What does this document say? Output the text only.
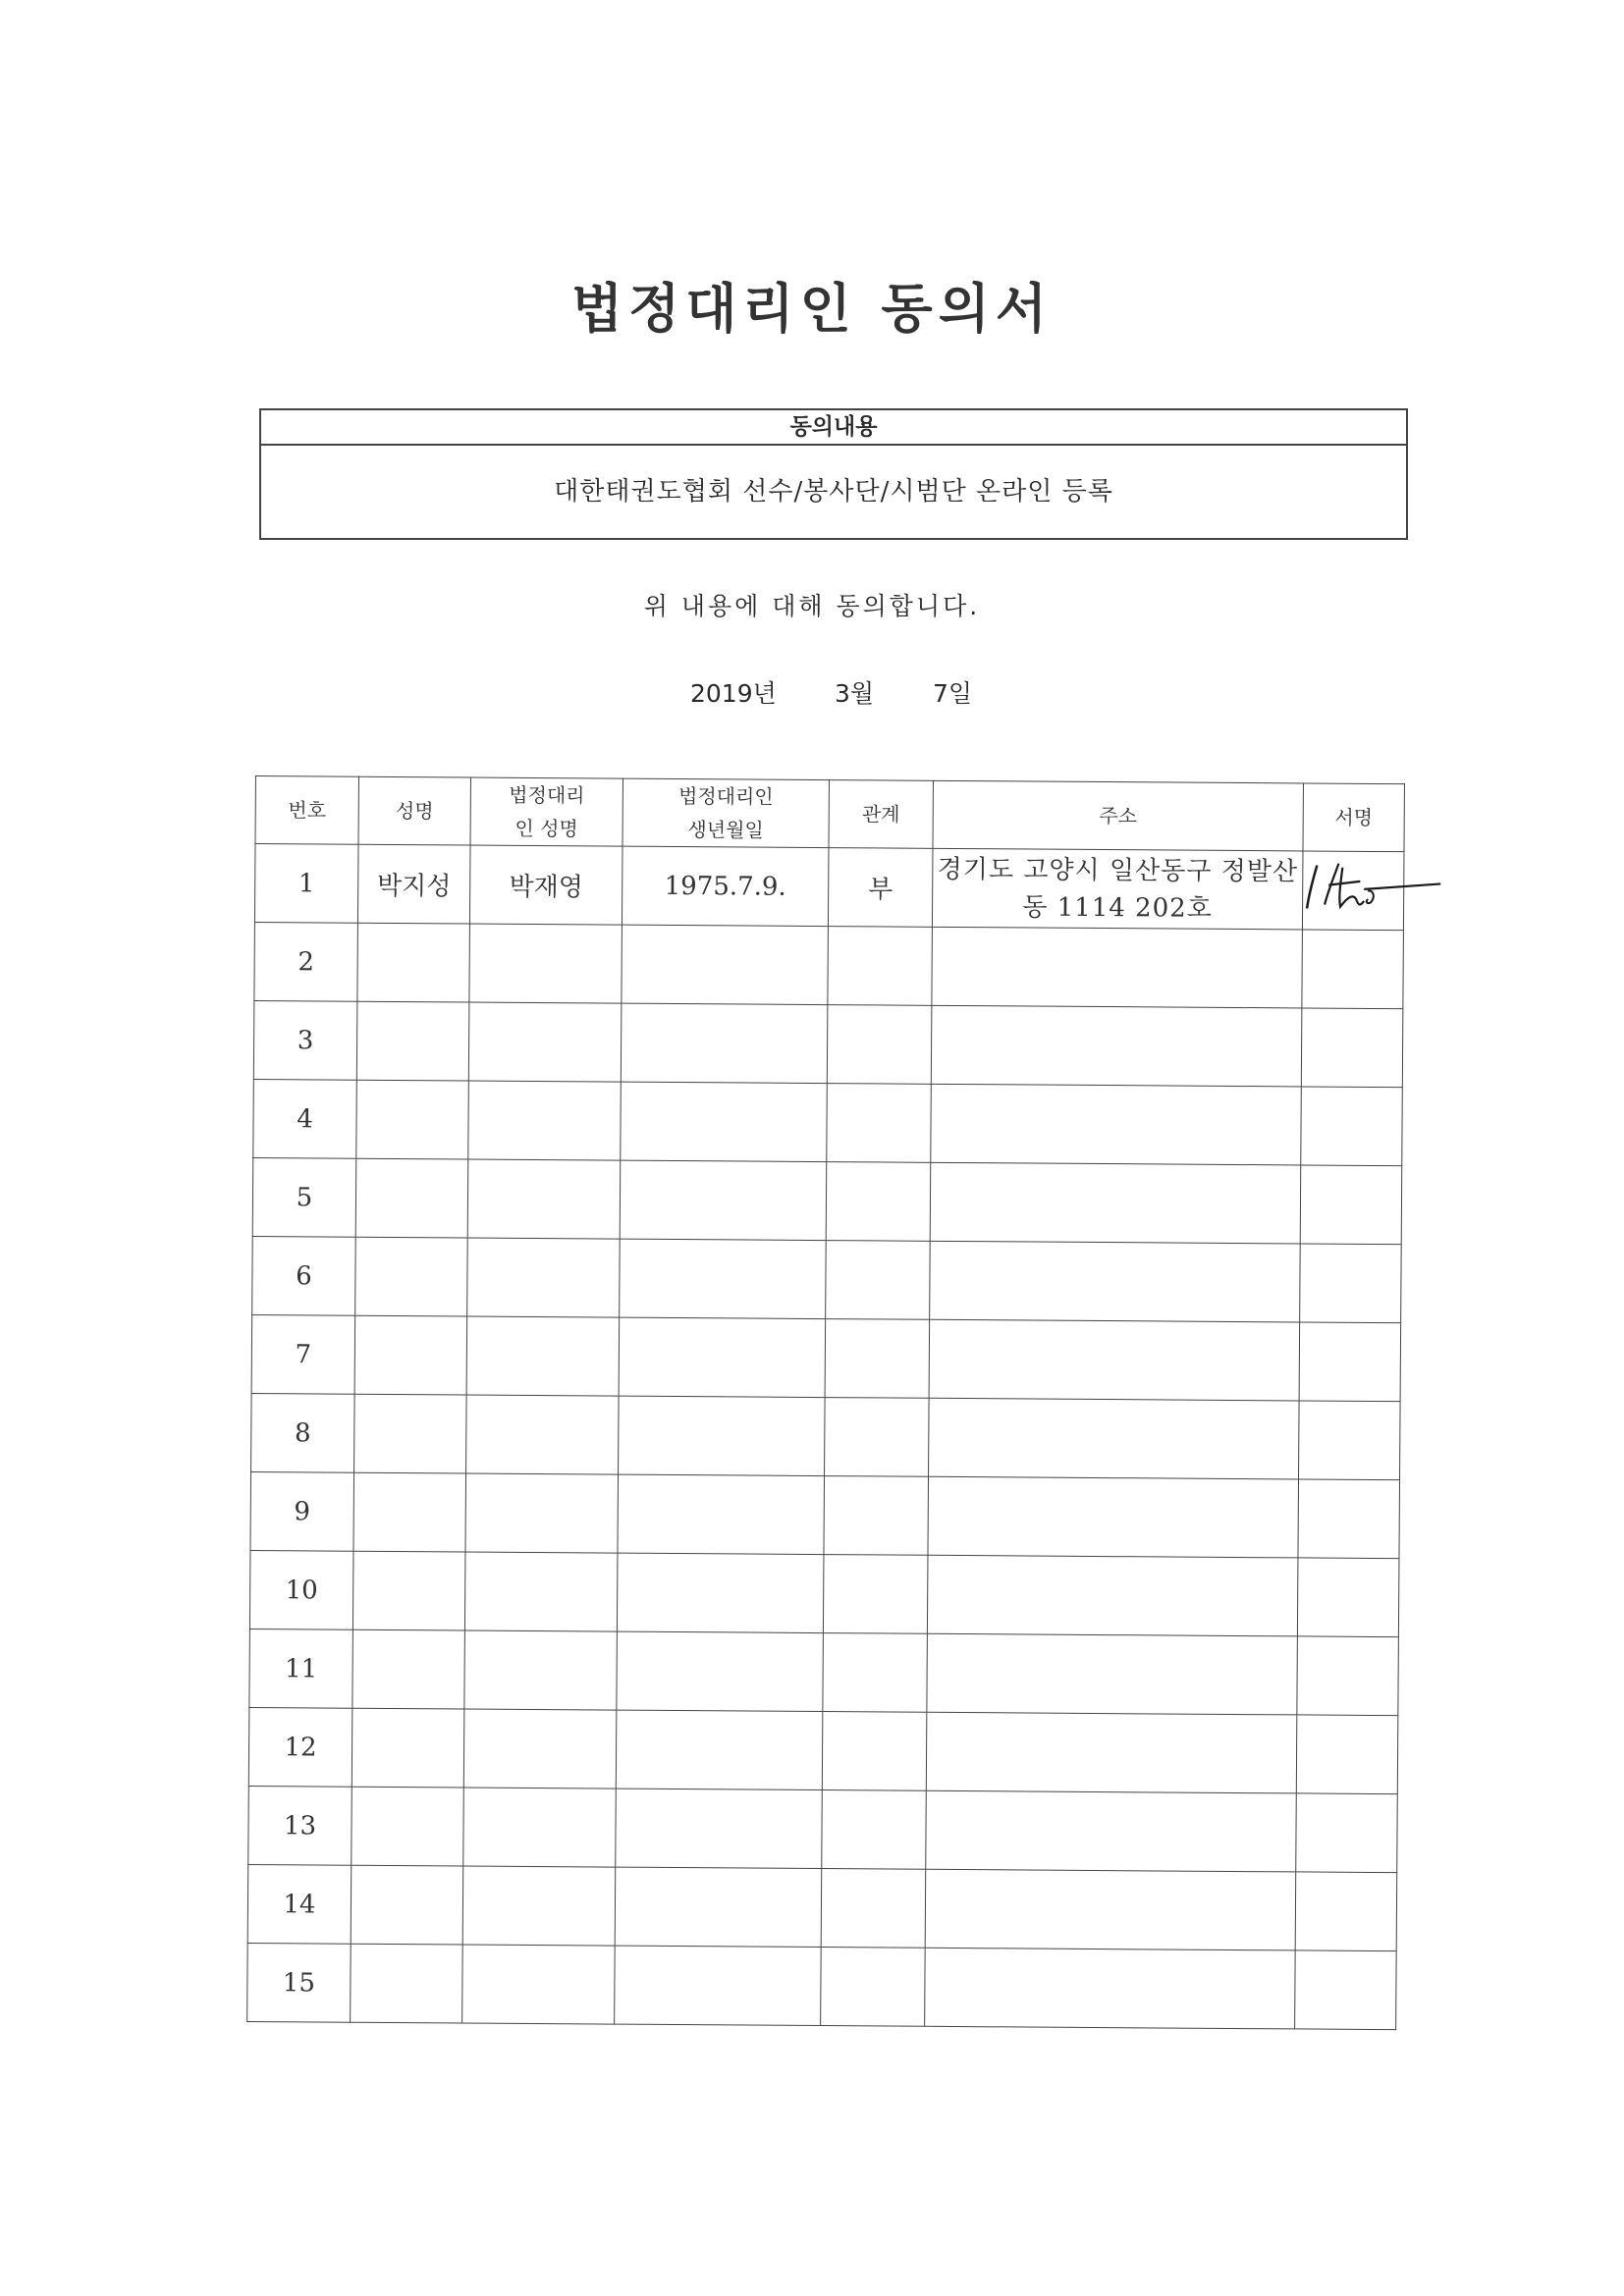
법정대리인 동의서
동의내용
대한태권도협회 선수/봉사단/시범단 온라인 등록
위 내용에 대해 동의합니다.
2019년 3월 7일
번호	성명	법정대리인 성명	법정대리인 생년월일	관계	주소	서명
1	박지성	박재영	1975.7.9.	부	경기도 고양시 일산동구 정발산동 1114 202호	

2						
3						
4						
5						
6						
7						
8						
9						
10						
11						
12						
13						
14						
15						
